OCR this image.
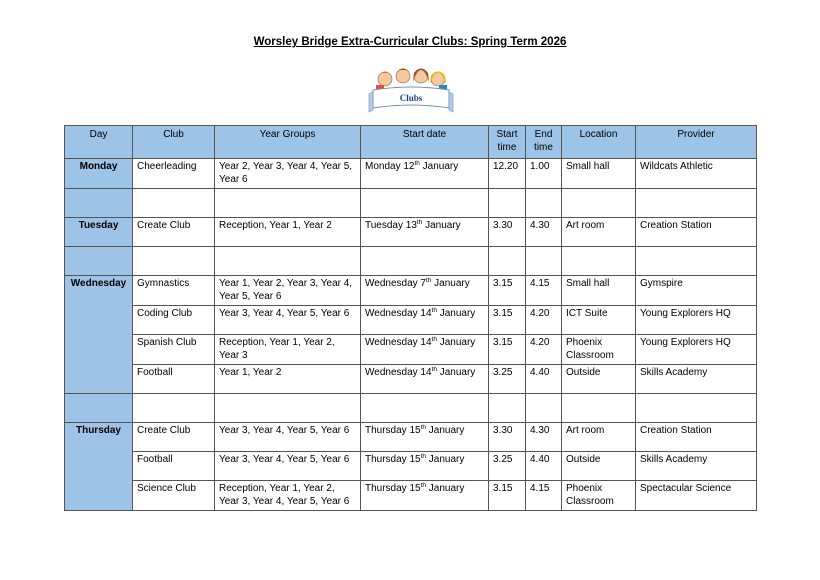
Worsley Bridge Extra-Curricular Clubs: Spring Term 2026
Clubs
Day	Club	Year Groups	Start date	Start time	End time	Location	Provider
Monday	Cheerleading	Year 2, Year 3, Year 4, Year 5, Year 6	Monday 12th January	12.20	1.00	Small hall	Wildcats Athletic

Tuesday	Create Club	Reception, Year 1, Year 2	Tuesday 13th January	3.30	4.30	Art room	Creation Station

Wednesday	Gymnastics	Year 1, Year 2, Year 3, Year 4, Year 5, Year 6	Wednesday 7th January	3.15	4.15	Small hall	Gymspire
	Coding Club	Year 3, Year 4, Year 5, Year 6	Wednesday 14th January	3.15	4.20	ICT Suite	Young Explorers HQ
	Spanish Club	Reception, Year 1, Year 2, Year 3	Wednesday 14th January	3.15	4.20	Phoenix Classroom	Young Explorers HQ
	Football	Year 1, Year 2	Wednesday 14th January	3.25	4.40	Outside	Skills Academy

Thursday	Create Club	Year 3, Year 4, Year 5, Year 6	Thursday 15th January	3.30	4.30	Art room	Creation Station
	Football	Year 3, Year 4, Year 5, Year 6	Thursday 15th January	3.25	4.40	Outside	Skills Academy
	Science Club	Reception, Year 1, Year 2, Year 3, Year 4, Year 5, Year 6	Thursday 15th January	3.15	4.15	Phoenix Classroom	Spectacular Science
